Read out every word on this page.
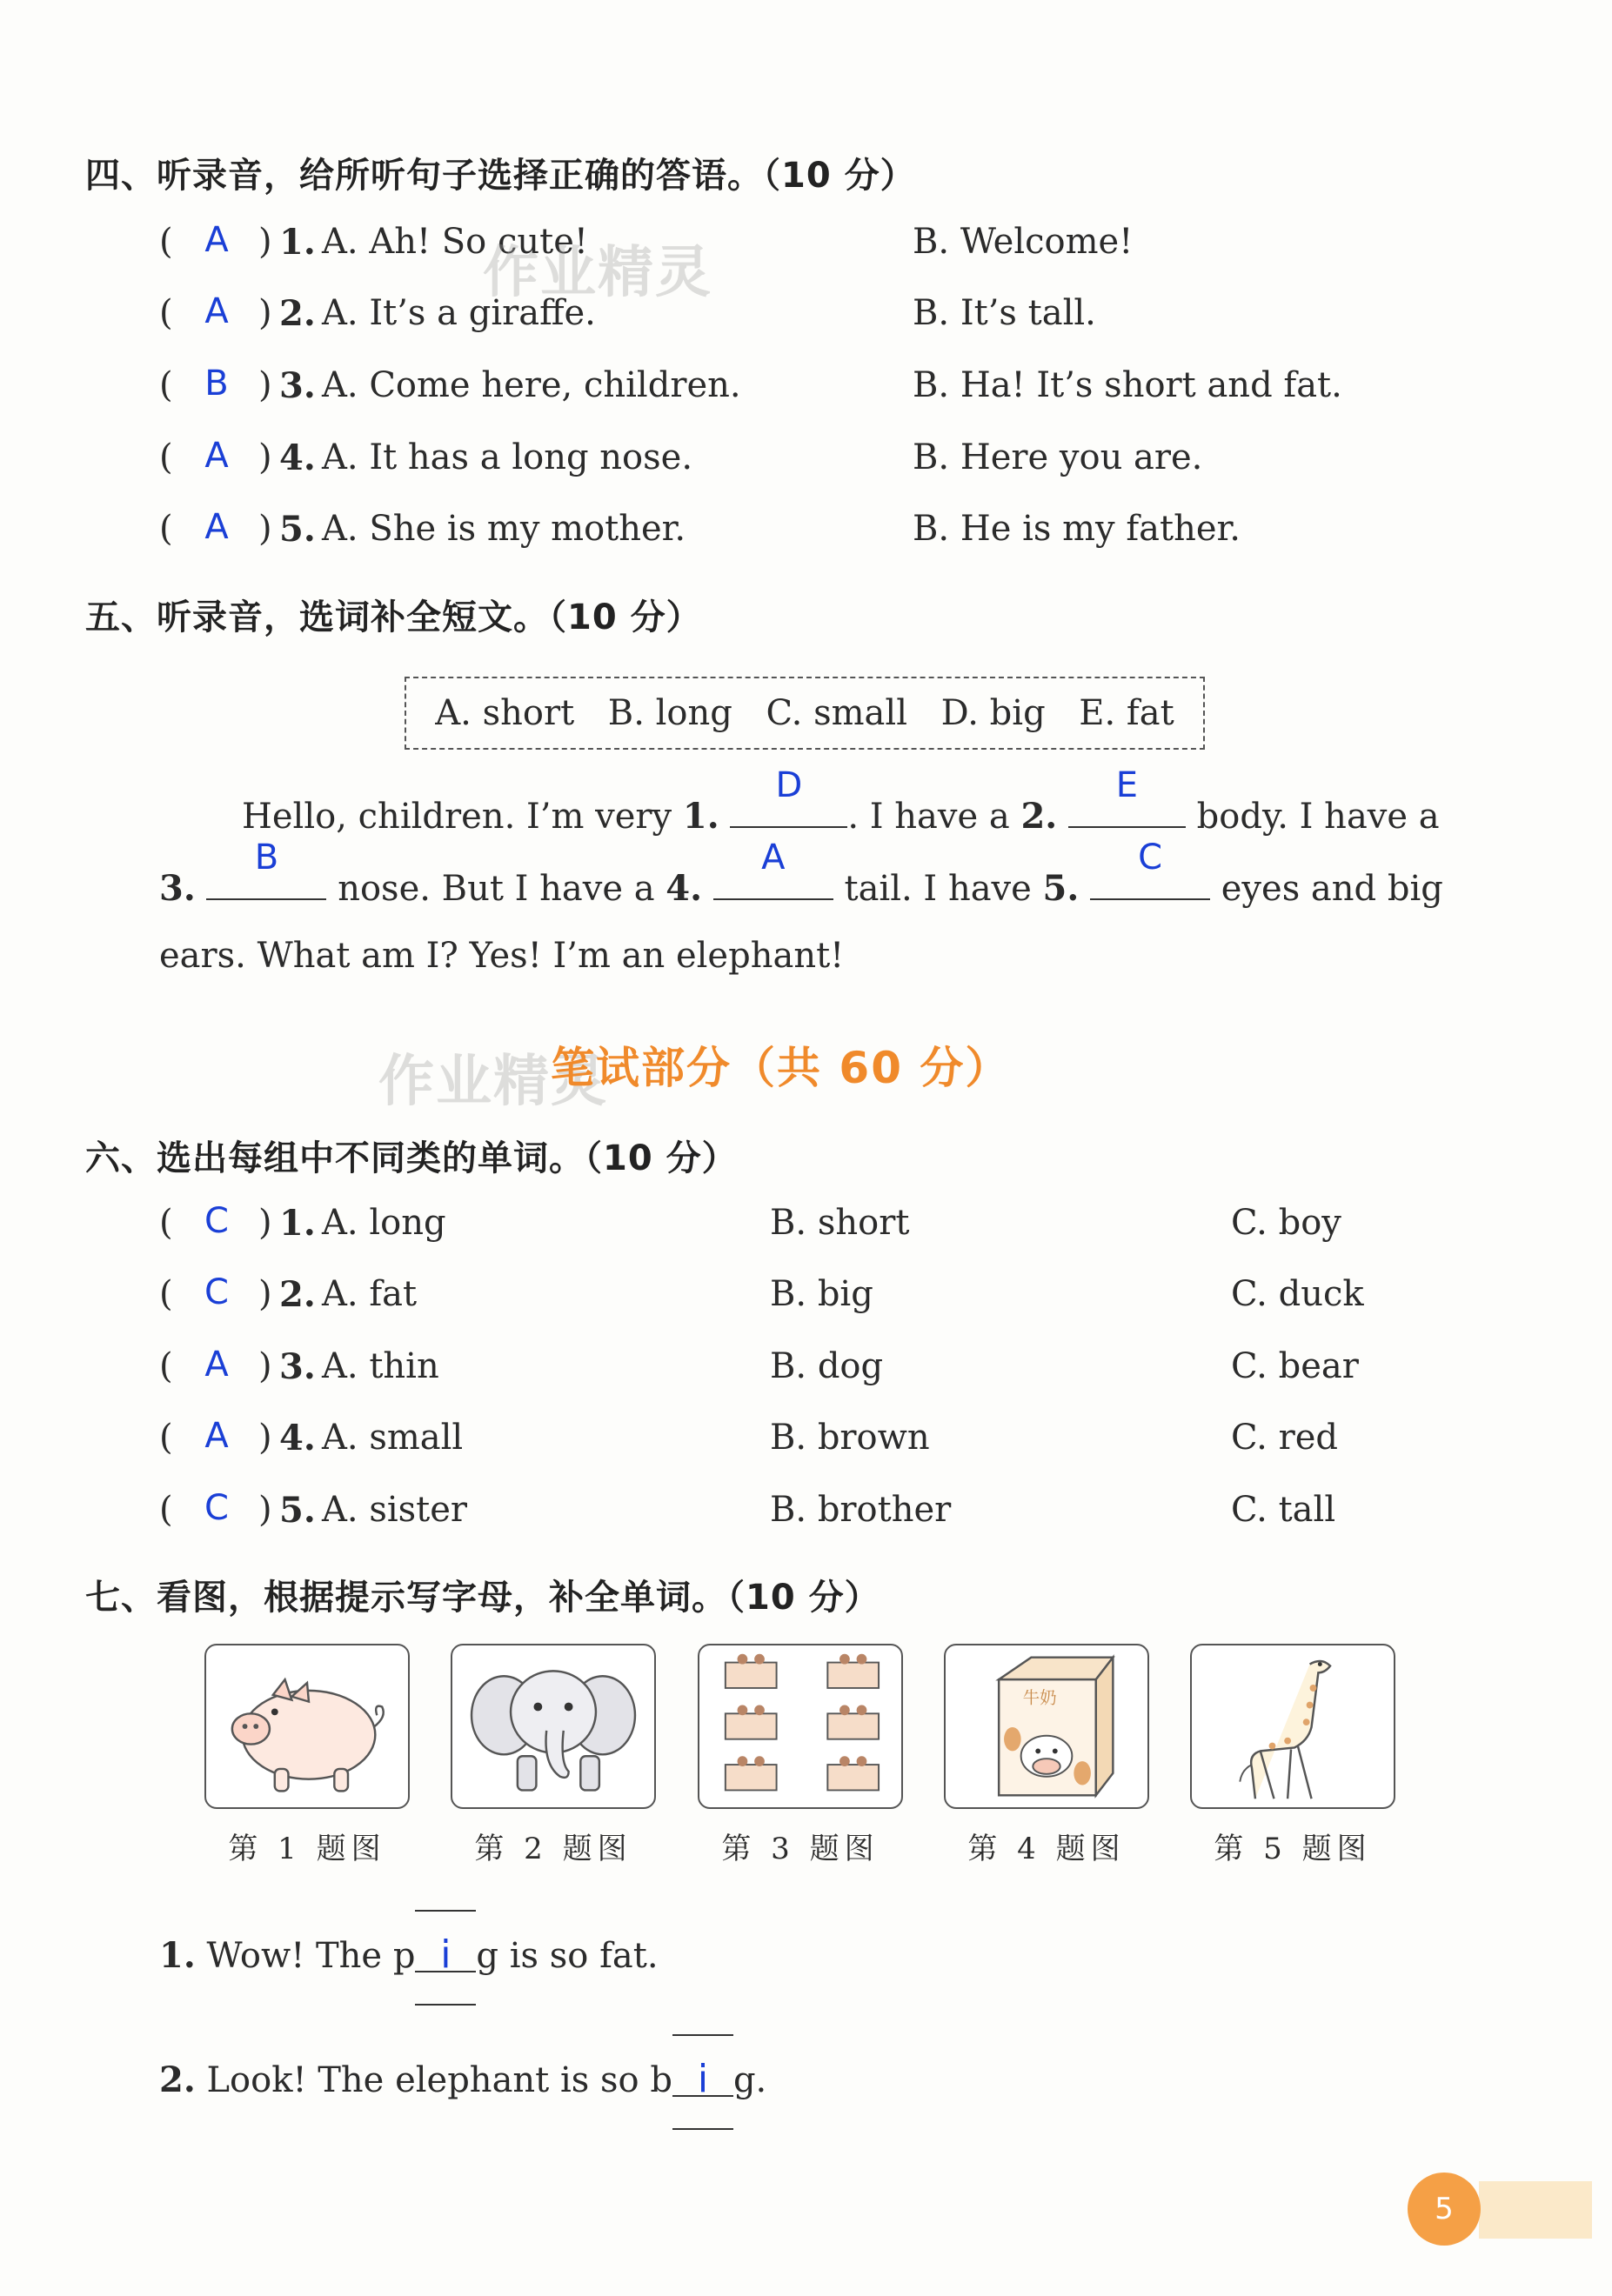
四、听录音，给所听句子选择正确的答语。（10 分）
( A ) 1. A. Ah! So cute!	B. Welcome!
( A ) 2. A. It’s a giraffe.	B. It’s tall.
( B ) 3. A. Come here, children.	B. Ha! It’s short and fat.
( A ) 4. A. It has a long nose.	B. Here you are.
( A ) 5. A. She is my mother.	B. He is my father.
作业精灵
五、听录音，选词补全短文。（10 分）
A. short B. long C. small D. big E. fat
Hello, children. I’m very 1.
D
. I have a 2.
E
body. I have a
3.
B
nose. But I have a 4.
A
tail. I have 5.
C
eyes and big
ears. What am I? Yes! I’m an elephant!
作业精灵
笔试部分（共 60 分）
六、选出每组中不同类的单词。（10 分）
( C ) 1. A. long	B. short	C. boy
( C ) 2. A. fat	B. big	C. duck
( A ) 3. A. thin	B. dog	C. bear
( A ) 4. A. small	B. brown	C. red
( C ) 5. A. sister	B. brother	C. tall
七、看图，根据提示写字母，补全单词。（10 分）
牛奶
第 1 题图	第 2 题图	第 3 题图	第 4 题图	第 5 题图
1. Wow! The p i g is so fat.
2. Look! The elephant is so b i g.
5
